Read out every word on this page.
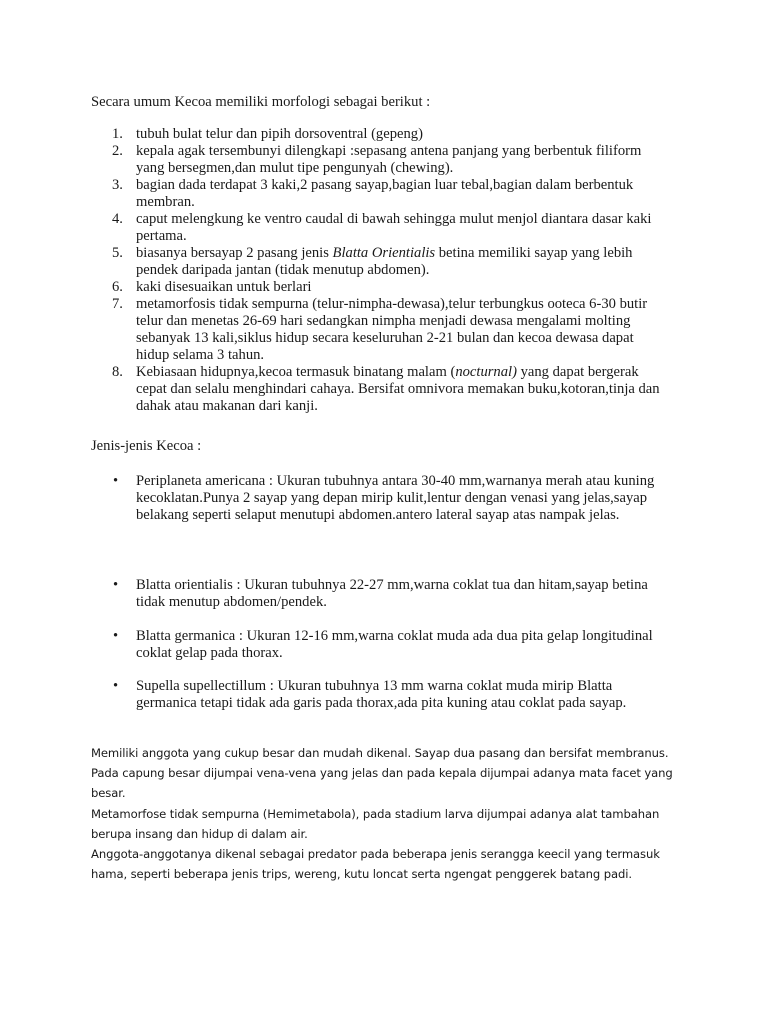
Secara umum Kecoa memiliki morfologi sebagai berikut :
1. tubuh bulat telur dan pipih dorsoventral (gepeng)
2. kepala agak tersembunyi dilengkapi :sepasang antena panjang yang berbentuk filiform
yang bersegmen,dan mulut tipe pengunyah (chewing).
3. bagian dada terdapat 3 kaki,2 pasang sayap,bagian luar tebal,bagian dalam berbentuk
membran.
4. caput melengkung ke ventro caudal di bawah sehingga mulut menjol diantara dasar kaki
pertama.
5. biasanya bersayap 2 pasang jenis Blatta Orientialis betina memiliki sayap yang lebih
pendek daripada jantan (tidak menutup abdomen).
6. kaki disesuaikan untuk berlari
7. metamorfosis tidak sempurna (telur-nimpha-dewasa),telur terbungkus ooteca 6-30 butir
telur dan menetas 26-69 hari sedangkan nimpha menjadi dewasa mengalami molting
sebanyak 13 kali,siklus hidup secara keseluruhan 2-21 bulan dan kecoa dewasa dapat
hidup selama 3 tahun.
8. Kebiasaan hidupnya,kecoa termasuk binatang malam (nocturnal) yang dapat bergerak
cepat dan selalu menghindari cahaya. Bersifat omnivora memakan buku,kotoran,tinja dan
dahak atau makanan dari kanji.
Jenis-jenis Kecoa :
• Periplaneta americana : Ukuran tubuhnya antara 30-40 mm,warnanya merah atau kuning
kecoklatan.Punya 2 sayap yang depan mirip kulit,lentur dengan venasi yang jelas,sayap
belakang seperti selaput menutupi abdomen.antero lateral sayap atas nampak jelas.
• Blatta orientialis : Ukuran tubuhnya 22-27 mm,warna coklat tua dan hitam,sayap betina
tidak menutup abdomen/pendek.
• Blatta germanica : Ukuran 12-16 mm,warna coklat muda ada dua pita gelap longitudinal
coklat gelap pada thorax.
• Supella supellectillum : Ukuran tubuhnya 13 mm warna coklat muda mirip Blatta
germanica tetapi tidak ada garis pada thorax,ada pita kuning atau coklat pada sayap.

Memiliki anggota yang cukup besar dan mudah dikenal. Sayap dua pasang dan bersifat membranus.

Pada capung besar dijumpai vena-vena yang jelas dan pada kepala dijumpai adanya mata facet yang

besar.

Metamorfose tidak sempurna (Hemimetabola), pada stadium larva dijumpai adanya alat tambahan

berupa insang dan hidup di dalam air.

Anggota-anggotanya dikenal sebagai predator pada beberapa jenis serangga keecil yang termasuk

hama, seperti beberapa jenis trips, wereng, kutu loncat serta ngengat penggerek batang padi.
